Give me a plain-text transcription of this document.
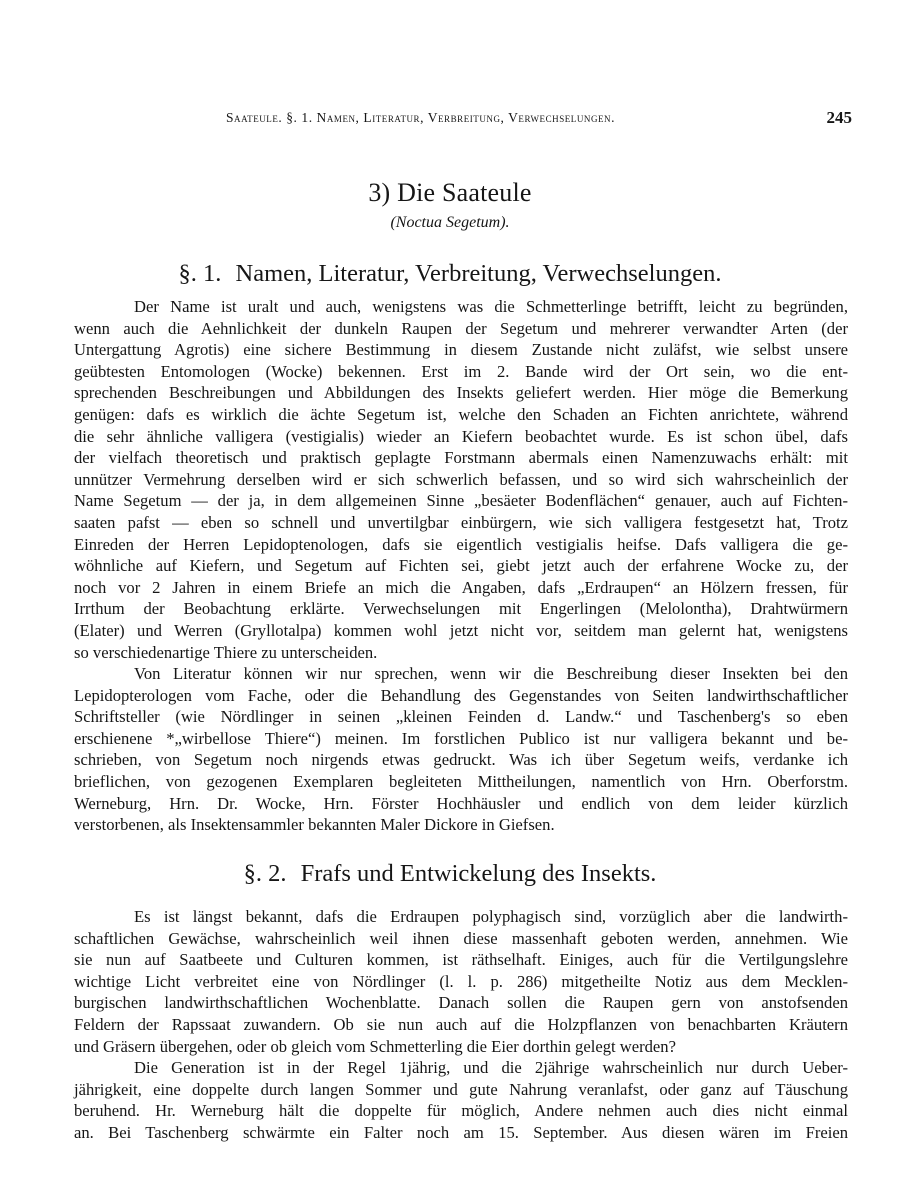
Saateule. §. 1. Namen, Literatur, Verbreitung, Verwechselungen.	245
3) Die Saateule
(Noctua Segetum).
§. 1. Namen, Literatur, Verbreitung, Verwechselungen.
Der Name ist uralt und auch, wenigstens was die Schmetterlinge betrifft, leicht zu begründen,
wenn auch die Aehnlichkeit der dunkeln Raupen der Segetum und mehrerer verwandter Arten (der
Untergattung Agrotis) eine sichere Bestimmung in diesem Zustande nicht zuläfst, wie selbst unsere
geübtesten Entomologen (Wocke) bekennen. Erst im 2. Bande wird der Ort sein, wo die ent-
sprechenden Beschreibungen und Abbildungen des Insekts geliefert werden. Hier möge die Bemerkung
genügen: dafs es wirklich die ächte Segetum ist, welche den Schaden an Fichten anrichtete, während
die sehr ähnliche valligera (vestigialis) wieder an Kiefern beobachtet wurde. Es ist schon übel, dafs
der vielfach theoretisch und praktisch geplagte Forstmann abermals einen Namenzuwachs erhält: mit
unnützer Vermehrung derselben wird er sich schwerlich befassen, und so wird sich wahrscheinlich der
Name Segetum — der ja, in dem allgemeinen Sinne „besäeter Bodenflächen“ genauer, auch auf Fichten-
saaten pafst — eben so schnell und unvertilgbar einbürgern, wie sich valligera festgesetzt hat, Trotz
Einreden der Herren Lepidoptenologen, dafs sie eigentlich vestigialis heifse. Dafs valligera die ge-
wöhnliche auf Kiefern, und Segetum auf Fichten sei, giebt jetzt auch der erfahrene Wocke zu, der
noch vor 2 Jahren in einem Briefe an mich die Angaben, dafs „Erdraupen“ an Hölzern fressen, für
Irrthum der Beobachtung erklärte. Verwechselungen mit Engerlingen (Melolontha), Drahtwürmern
(Elater) und Werren (Gryllotalpa) kommen wohl jetzt nicht vor, seitdem man gelernt hat, wenigstens
so verschiedenartige Thiere zu unterscheiden.
Von Literatur können wir nur sprechen, wenn wir die Beschreibung dieser Insekten bei den
Lepidopterologen vom Fache, oder die Behandlung des Gegenstandes von Seiten landwirthschaftlicher
Schriftsteller (wie Nördlinger in seinen „kleinen Feinden d. Landw.“ und Taschenberg's so eben
erschienene *„wirbellose Thiere“) meinen. Im forstlichen Publico ist nur valligera bekannt und be-
schrieben, von Segetum noch nirgends etwas gedruckt. Was ich über Segetum weifs, verdanke ich
brieflichen, von gezogenen Exemplaren begleiteten Mittheilungen, namentlich von Hrn. Oberforstm.
Werneburg, Hrn. Dr. Wocke, Hrn. Förster Hochhäusler und endlich von dem leider kürzlich
verstorbenen, als Insektensammler bekannten Maler Dickore in Giefsen.
§. 2. Frafs und Entwickelung des Insekts.
Es ist längst bekannt, dafs die Erdraupen polyphagisch sind, vorzüglich aber die landwirth-
schaftlichen Gewächse, wahrscheinlich weil ihnen diese massenhaft geboten werden, annehmen. Wie
sie nun auf Saatbeete und Culturen kommen, ist räthselhaft. Einiges, auch für die Vertilgungslehre
wichtige Licht verbreitet eine von Nördlinger (l. l. p. 286) mitgetheilte Notiz aus dem Mecklen-
burgischen landwirthschaftlichen Wochenblatte. Danach sollen die Raupen gern von anstofsenden
Feldern der Rapssaat zuwandern. Ob sie nun auch auf die Holzpflanzen von benachbarten Kräutern
und Gräsern übergehen, oder ob gleich vom Schmetterling die Eier dorthin gelegt werden?
Die Generation ist in der Regel 1jährig, und die 2jährige wahrscheinlich nur durch Ueber-
jährigkeit, eine doppelte durch langen Sommer und gute Nahrung veranlafst, oder ganz auf Täuschung
beruhend. Hr. Werneburg hält die doppelte für möglich, Andere nehmen auch dies nicht einmal
an. Bei Taschenberg schwärmte ein Falter noch am 15. September. Aus diesen wären im Freien
